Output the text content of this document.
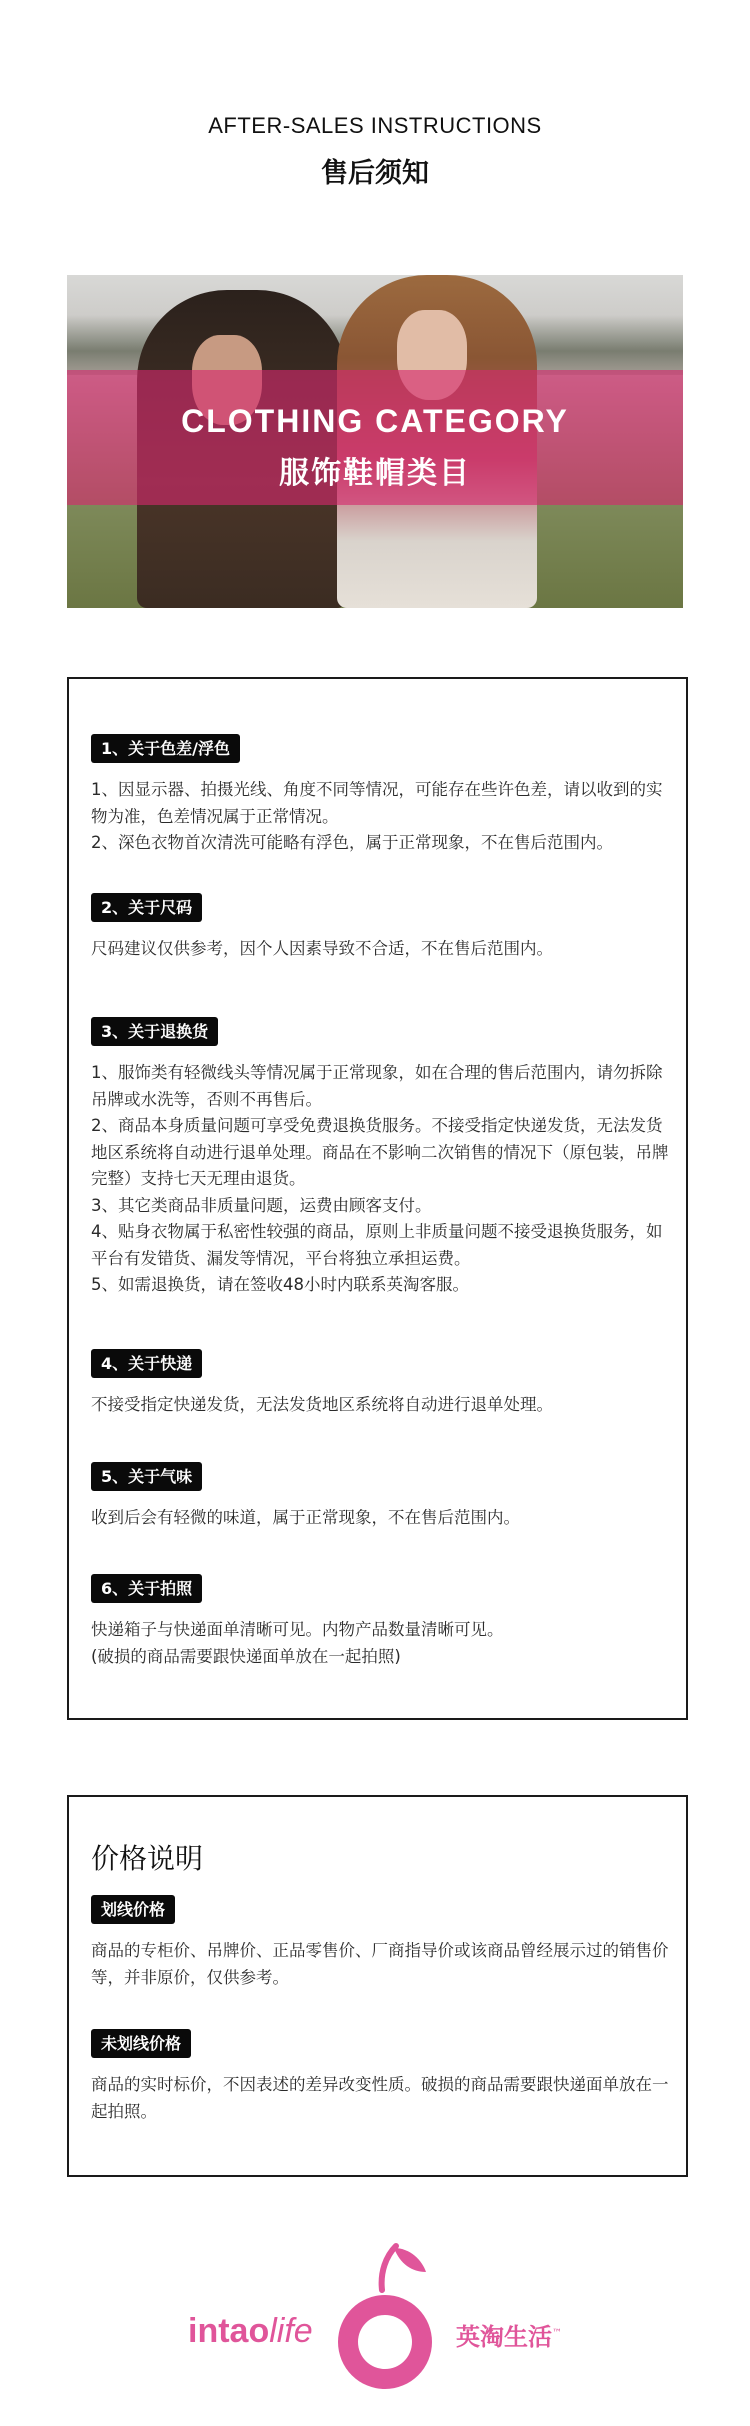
AFTER-SALES INSTRUCTIONS
售后须知
CLOTHING CATEGORY
服饰鞋帽类目
1、关于色差/浮色

1、因显示器、拍摄光线、角度不同等情况，可能存在些许色差，请以收到的实物为准，色差情况属于正常情况。

2、深色衣物首次清洗可能略有浮色，属于正常现象，不在售后范围内。

2、关于尺码

尺码建议仅供参考，因个人因素导致不合适，不在售后范围内。

3、关于退换货

1、服饰类有轻微线头等情况属于正常现象，如在合理的售后范围内，请勿拆除吊牌或水洗等，否则不再售后。

2、商品本身质量问题可享受免费退换货服务。不接受指定快递发货，无法发货地区系统将自动进行退单处理。商品在不影响二次销售的情况下（原包装，吊牌完整）支持七天无理由退货。

3、其它类商品非质量问题，运费由顾客支付。

4、贴身衣物属于私密性较强的商品，原则上非质量问题不接受退换货服务，如平台有发错货、漏发等情况，平台将独立承担运费。

5、如需退换货，请在签收48小时内联系英淘客服。

4、关于快递

不接受指定快递发货，无法发货地区系统将自动进行退单处理。

5、关于气味

收到后会有轻微的味道，属于正常现象，不在售后范围内。

6、关于拍照

快递箱子与快递面单清晰可见。内物产品数量清晰可见。

(破损的商品需要跟快递面单放在一起拍照)

价格说明
划线价格
商品的专柜价、吊牌价、正品零售价、厂商指导价或该商品曾经展示过的销售价等，并非原价，仅供参考。
未划线价格
商品的实时标价，不因表述的差异改变性质。破损的商品需要跟快递面单放在一起拍照。
intaolife	英淘生活™
